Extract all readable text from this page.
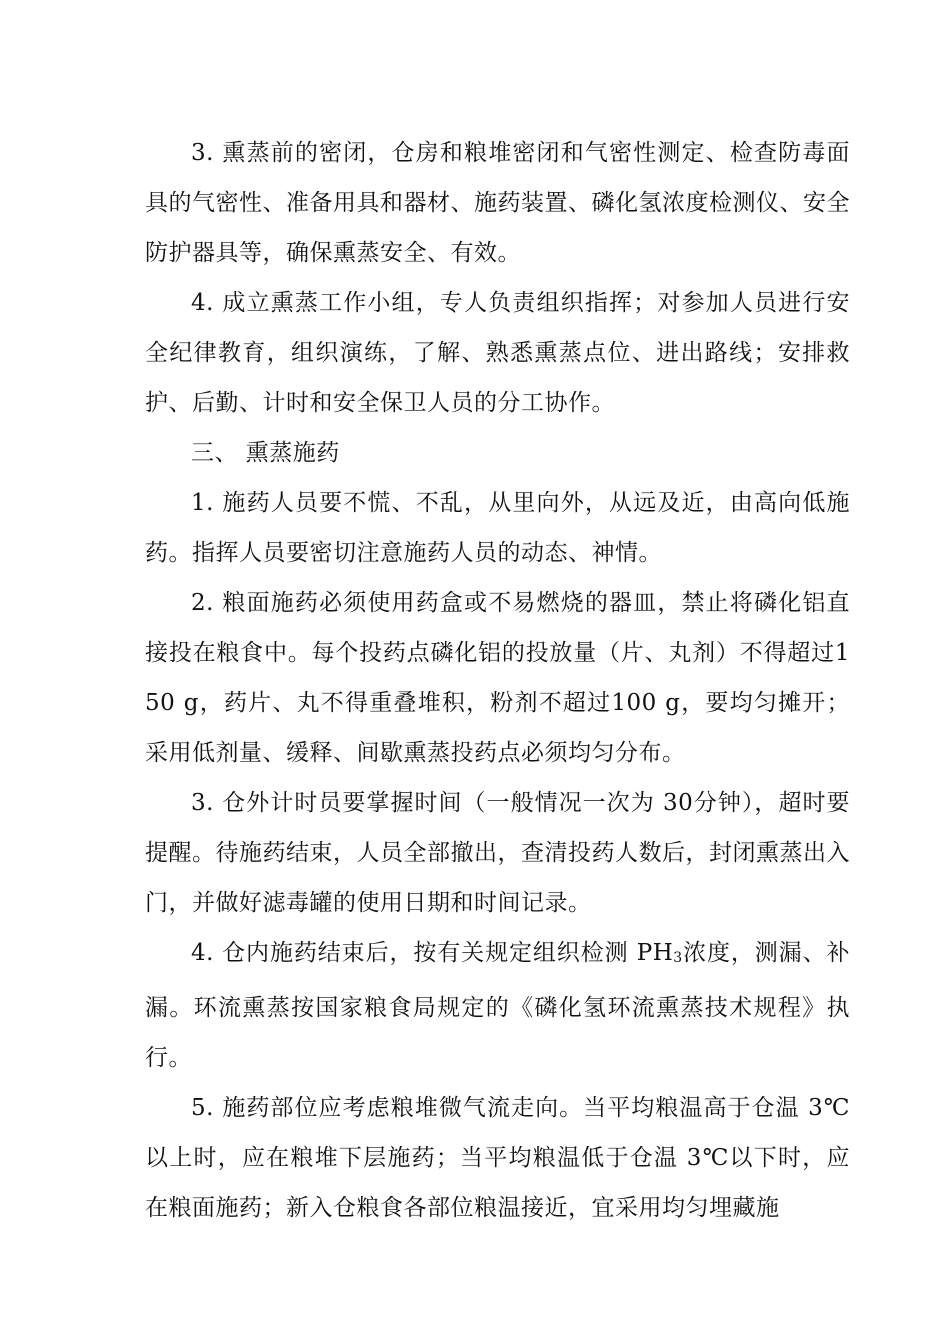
3. 熏蒸前的密闭，仓房和粮堆密闭和气密性测定、检查防毒面具的气密性、准备用具和器材、施药装置、磷化氢浓度检测仪、安全防护器具等，确保熏蒸安全、有效。

4. 成立熏蒸工作小组，专人负责组织指挥；对参加人员进行安全纪律教育，组织演练，了解、熟悉熏蒸点位、进出路线；安排救护、后勤、计时和安全保卫人员的分工协作。

三、 熏蒸施药

1. 施药人员要不慌、不乱，从里向外，从远及近，由高向低施药。指挥人员要密切注意施药人员的动态、神情。

2. 粮面施药必须使用药盒或不易燃烧的器皿，禁止将磷化铝直接投在粮食中。每个投药点磷化铝的投放量（片、丸剂）不得超过150 g，药片、丸不得重叠堆积，粉剂不超过100 g，要均匀摊开；采用低剂量、缓释、间歇熏蒸投药点必须均匀分布。

3. 仓外计时员要掌握时间（一般情况一次为 30分钟），超时要提醒。待施药结束，人员全部撤出，查清投药人数后，封闭熏蒸出入门，并做好滤毒罐的使用日期和时间记录。

4. 仓内施药结束后，按有关规定组织检测 $PH_3$浓度，测漏、补漏。环流熏蒸按国家粮食局规定的《磷化氢环流熏蒸技术规程》执行。

5. 施药部位应考虑粮堆微气流走向。当平均粮温高于仓温 3℃以上时，应在粮堆下层施药；当平均粮温低于仓温 3℃以下时，应在粮面施药；新入仓粮食各部位粮温接近，宜采用均匀埋藏施
